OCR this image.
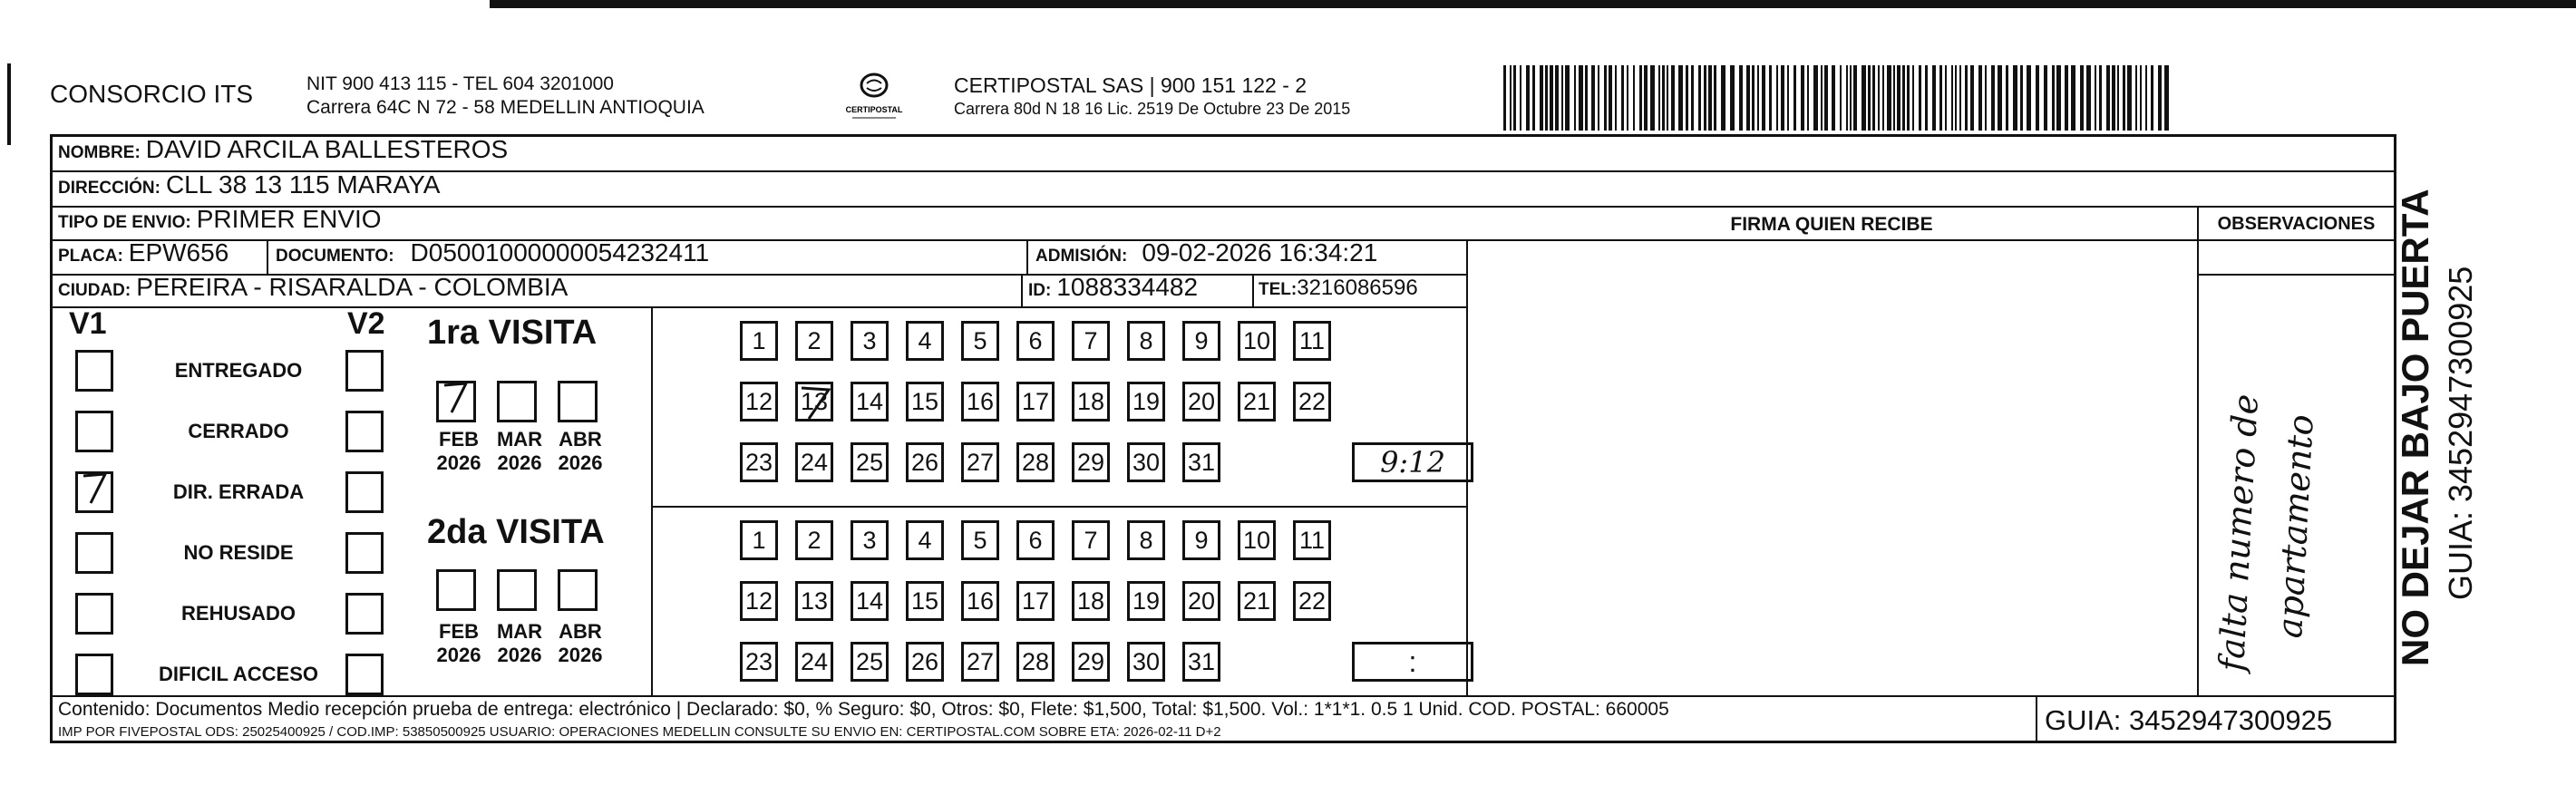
CONSORCIO ITS	NIT 900 413 115 - TEL 604 3201000
Carrera 64C N 72 - 58 MEDELLIN ANTIOQUIA	CERTIPOSTAL
CERTIPOSTAL SAS | 900 151 122 - 2
Carrera 80d N 18 16 Lic. 2519 De Octubre 23 De 2015
NOMBRE: DAVID ARCILA BALLESTEROS
DIRECCIÓN: CLL 38 13 115 MARAYA
TIPO DE ENVIO: PRIMER ENVIO
PLACA: EPW656	DOCUMENTO: D05001000000054232411	ADMISIÓN: 09-02-2026 16:34:21
CIUDAD: PEREIRA - RISARALDA - COLOMBIA	ID: 1088334482	TEL: 3216086596
FIRMA QUIEN RECIBE	OBSERVACIONES
falta numero de apartamento
V1	V2
ENTREGADO
CERRADO
DIR. ERRADA
NO RESIDE
REHUSADO
DIFICIL ACCESO
1ra VISITA
FEB
2026
MAR
2026
ABR
2026
1	2	3	4	5	6	7	8	9	10 11
12 13 14 15 16 17 18 19 20 21 22
23 24 25 26 27 28 29 30 31	9:12
2da VISITA
FEB
2026
MAR
2026
ABR
2026
1	2	3	4	5	6	7	8	9	10 11
12 13 14 15 16 17 18 19 20 21 22
23 24 25 26 27 28 29 30 31	:
Contenido: Documentos Medio recepción prueba de entrega: electrónico | Declarado: $0, % Seguro: $0, Otros: $0, Flete: $1,500, Total: $1,500. Vol.: 1*1*1. 0.5 1 Unid. COD. POSTAL: 660005
IMP POR FIVEPOSTAL ODS: 25025400925 / COD.IMP: 53850500925 USUARIO: OPERACIONES MEDELLIN CONSULTE SU ENVIO EN: CERTIPOSTAL.COM SOBRE ETA: 2026-02-11 D+2	GUIA: 3452947300925
NO DEJAR BAJO PUERTA GUIA: 3452947300925
